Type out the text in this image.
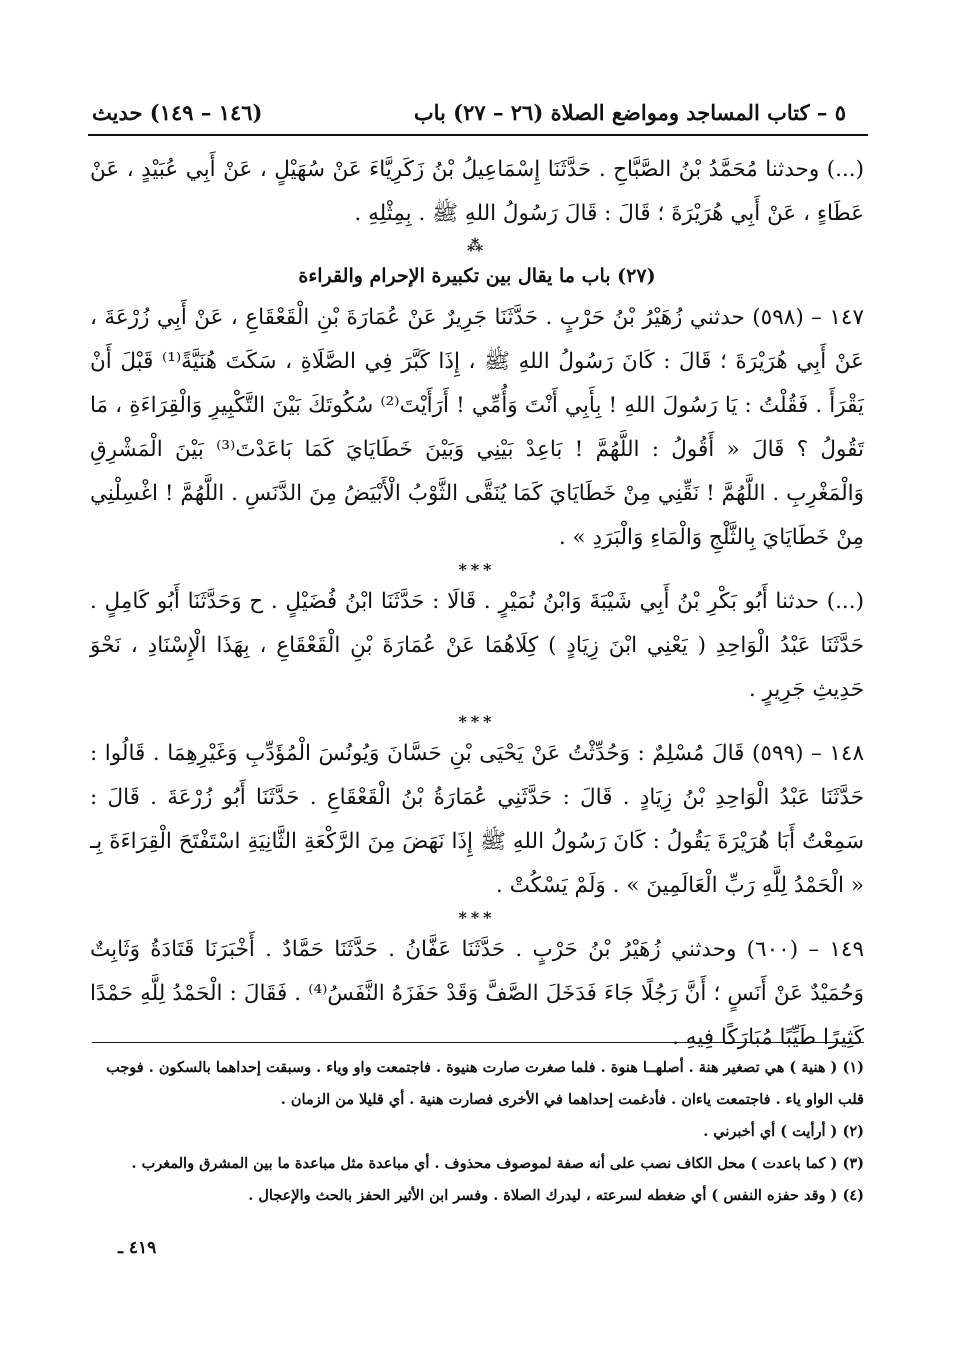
٥ – كتاب المساجد ومواضع الصلاة (٢٦ – ٢٧) باب
(١٤٦ – ١٤٩) حديث
(...) وحدثنا مُحَمَّدُ بْنُ الصَّبَّاحِ . حَدَّثَنَا إِسْمَاعِيلُ بْنُ زَكَرِيَّاءَ عَنْ سُهَيْلٍ ، عَنْ أَبِي عُبَيْدٍ ، عَنْ عَطَاءٍ ، عَنْ أَبِي هُرَيْرَةَ ؛ قَالَ : قَالَ رَسُولُ اللهِ ﷺ . بِمِثْلِهِ .
⁂
(٢٧) باب ما يقال بين تكبيرة الإحرام والقراءة
١٤٧ – (٥٩٨) حدثني زُهَيْرُ بْنُ حَرْبٍ . حَدَّثَنَا جَرِيرٌ عَنْ عُمَارَةَ بْنِ الْقَعْقَاعِ ، عَنْ أَبِي زُرْعَةَ ، عَنْ أَبِي هُرَيْرَةَ ؛ قَالَ : كَانَ رَسُولُ اللهِ ﷺ ، إِذَا كَبَّرَ فِي الصَّلَاةِ ، سَكَتَ هُنَيَّةً⁽¹⁾ قَبْلَ أَنْ يَقْرَأَ . فَقُلْتُ : يَا رَسُولَ اللهِ ! بِأَبِي أَنْتَ وَأُمِّي ! أَرَأَيْتَ⁽²⁾ سُكُوتَكَ بَيْنَ التَّكْبِيرِ وَالْقِرَاءَةِ ، مَا تَقُولُ ؟ قَالَ « أَقُولُ : اللَّهُمَّ ! بَاعِدْ بَيْنِي وَبَيْنَ خَطَايَايَ كَمَا بَاعَدْتَ⁽³⁾ بَيْنَ الْمَشْرِقِ وَالْمَغْرِبِ . اللَّهُمَّ ! نَقِّنِي مِنْ خَطَايَايَ كَمَا يُنَقَّى الثَّوْبُ الْأَبْيَضُ مِنَ الدَّنَسِ . اللَّهُمَّ ! اغْسِلْنِي مِنْ خَطَايَايَ بِالثَّلْجِ وَالْمَاءِ وَالْبَرَدِ » .
***
(...) حدثنا أَبُو بَكْرِ بْنُ أَبِي شَيْبَةَ وَابْنُ نُمَيْرٍ . قَالَا : حَدَّثَنَا ابْنُ فُضَيْلٍ . ح وَحَدَّثَنَا أَبُو كَامِلٍ . حَدَّثَنَا عَبْدُ الْوَاحِدِ ( يَعْنِي ابْنَ زِيَادٍ ) كِلَاهُمَا عَنْ عُمَارَةَ بْنِ الْقَعْقَاعِ ، بِهَذَا الْإِسْنَادِ ، نَحْوَ حَدِيثِ جَرِيرٍ .
***
١٤٨ – (٥٩٩) قَالَ مُسْلِمٌ : وَحُدِّثْتُ عَنْ يَحْيَى بْنِ حَسَّانَ وَيُونُسَ الْمُؤَدِّبِ وَغَيْرِهِمَا . قَالُوا : حَدَّثَنَا عَبْدُ الْوَاحِدِ بْنُ زِيَادٍ . قَالَ : حَدَّثَنِي عُمَارَةُ بْنُ الْقَعْقَاعِ . حَدَّثَنَا أَبُو زُرْعَةَ . قَالَ : سَمِعْتُ أَبَا هُرَيْرَةَ يَقُولُ : كَانَ رَسُولُ اللهِ ﷺ إِذَا نَهَضَ مِنَ الرَّكْعَةِ الثَّانِيَةِ اسْتَفْتَحَ الْقِرَاءَةَ بِـ « الْحَمْدُ لِلَّهِ رَبِّ الْعَالَمِينَ » . وَلَمْ يَسْكُتْ .
***
١٤٩ – (٦٠٠) وحدثني زُهَيْرُ بْنُ حَرْبٍ . حَدَّثَنَا عَفَّانُ . حَدَّثَنَا حَمَّادٌ . أَخْبَرَنَا قَتَادَةُ وَثَابِتٌ وَحُمَيْدٌ عَنْ أَنَسٍ ؛ أَنَّ رَجُلًا جَاءَ فَدَخَلَ الصَّفَّ وَقَدْ حَفَزَهُ النَّفَسُ⁽⁴⁾ . فَقَالَ : الْحَمْدُ لِلَّهِ حَمْدًا كَثِيرًا طَيِّبًا مُبَارَكًا فِيهِ .
(١) ( هنية ) هي تصغير هنة . أصلهــا هنوة . فلما صغرت صارت هنيوة . فاجتمعت واو وياء . وسبقت إحداهما بالسكون . فوجب قلب الواو ياء . فاجتمعت ياءان . فأدغمت إحداهما في الأخرى فصارت هنية . أي قليلا من الزمان .
(٢) ( أرأيت ) أي أخبرني .
(٣) ( كما باعدت ) محل الكاف نصب على أنه صفة لموصوف محذوف . أي مباعدة مثل مباعدة ما بين المشرق والمغرب .
(٤) ( وقد حفزه النفس ) أي ضغطه لسرعته ، ليدرك الصلاة . وفسر ابن الأثير الحفز بالحث والإعجال .
٤١٩ ـ
